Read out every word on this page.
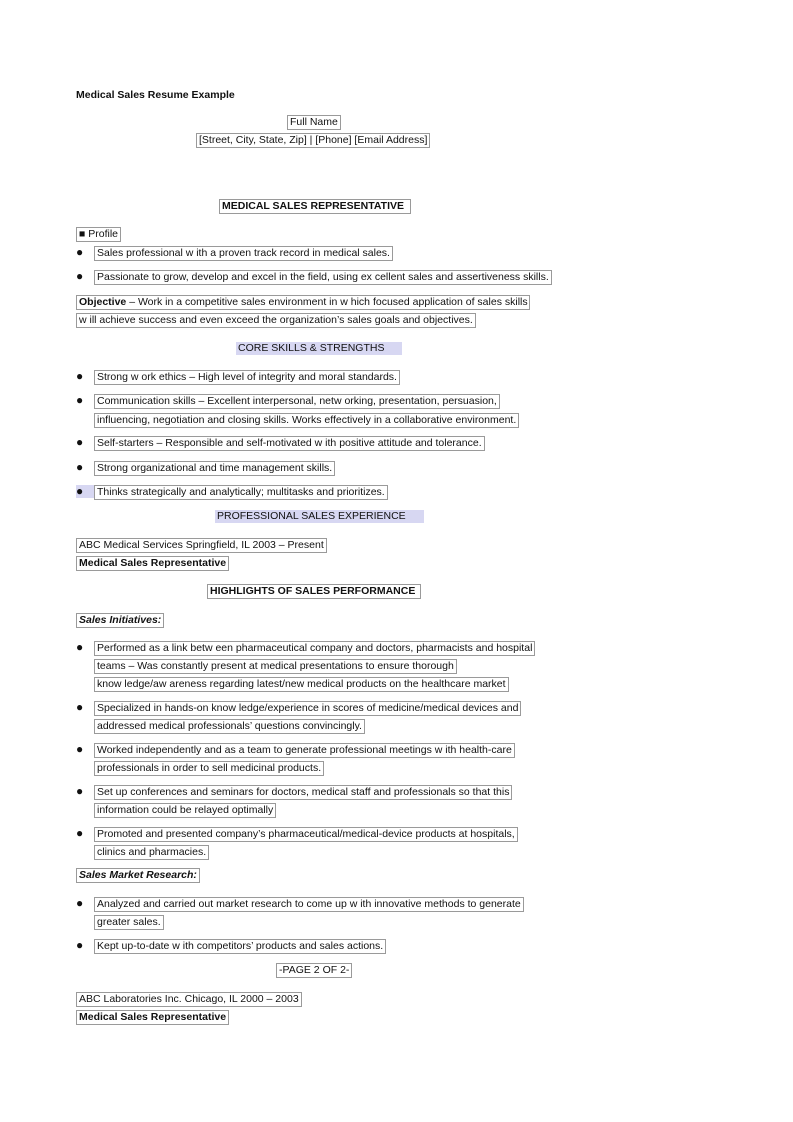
Medical Sales Resume Example
Full Name
[Street, City, State, Zip] | [Phone] [Email Address]
MEDICAL SALES REPRESENTATIVE
■ Profile
● Sales professional w ith a proven track record in medical sales.
● Passionate to grow, develop and excel in the field, using ex cellent sales and assertiveness skills.
Objective – Work in a competitive sales environment in w hich focused application of sales skills
w ill achieve success and even exceed the organization’s sales goals and objectives.
CORE SKILLS & STRENGTHS
● Strong w ork ethics – High level of integrity and moral standards.
● Communication skills – Excellent interpersonal, netw orking, presentation, persuasion,
influencing, negotiation and closing skills. Works effectively in a collaborative environment.
● Self-starters – Responsible and self-motivated w ith positive attitude and tolerance.
● Strong organizational and time management skills.
● Thinks strategically and analytically; multitasks and prioritizes.
PROFESSIONAL SALES EXPERIENCE
ABC Medical Services Springfield, IL 2003 – Present
Medical Sales Representative
HIGHLIGHTS OF SALES PERFORMANCE
Sales Initiatives:
● Performed as a link betw een pharmaceutical company and doctors, pharmacists and hospital
teams – Was constantly present at medical presentations to ensure thorough
know ledge/aw areness regarding latest/new medical products on the healthcare market
● Specialized in hands-on know ledge/experience in scores of medicine/medical devices and
addressed medical professionals’ questions convincingly.
● Worked independently and as a team to generate professional meetings w ith health-care
professionals in order to sell medicinal products.
● Set up conferences and seminars for doctors, medical staff and professionals so that this
information could be relayed optimally
● Promoted and presented company’s pharmaceutical/medical-device products at hospitals,
clinics and pharmacies.
Sales Market Research:
● Analyzed and carried out market research to come up w ith innovative methods to generate
greater sales.
● Kept up-to-date w ith competitors’ products and sales actions.
-PAGE 2 OF 2-
ABC Laboratories Inc. Chicago, IL 2000 – 2003
Medical Sales Representative
